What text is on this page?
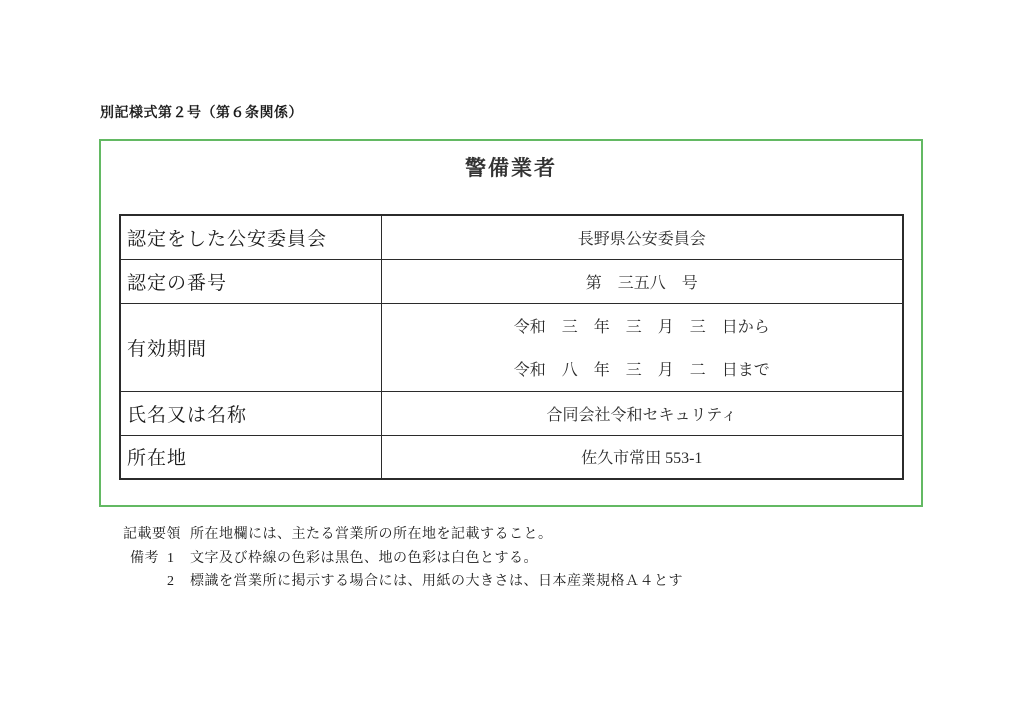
別記様式第２号（第６条関係）
警備業者
認定をした公安委員会	長野県公安委員会
認定の番号	第　三五八　号
有効期間	令和　三　年　三　月　三　日から
令和　八　年　三　月　二　日まで

氏名又は名称	合同会社令和セキュリティ
所在地	佐久市常田 553-1
記載要領 所在地欄には、主たる営業所の所在地を記載すること。
備考 1 文字及び枠線の色彩は黒色、地の色彩は白色とする。
2 標識を営業所に掲示する場合には、用紙の大きさは、日本産業規格Ａ４とす
